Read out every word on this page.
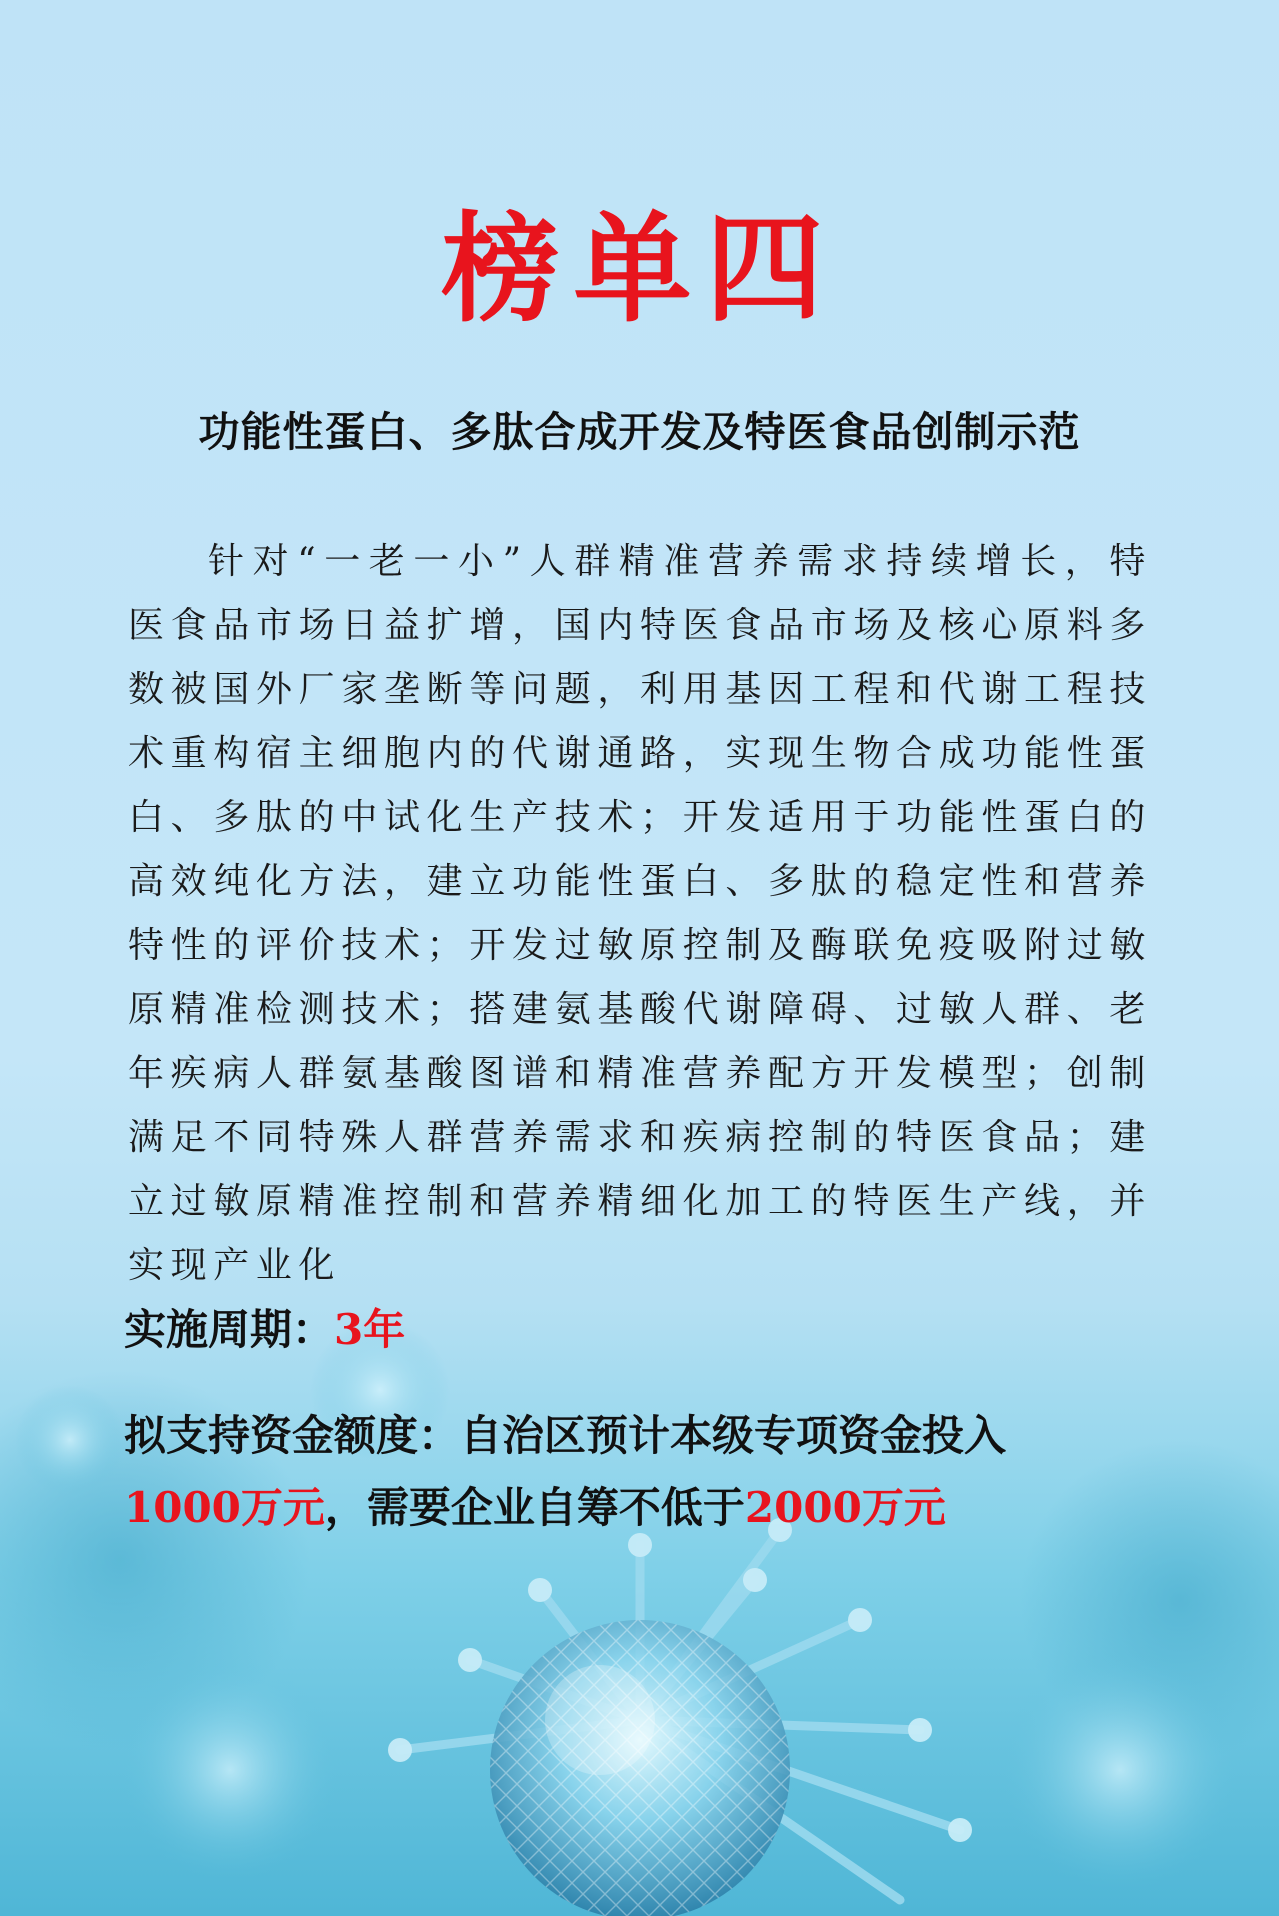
榜单四
功能性蛋白、多肽合成开发及特医食品创制示范
针对“一老一小”人群精准营养需求持续增长，特医食品市场日益扩增，国内特医食品市场及核心原料多数被国外厂家垄断等问题，利用基因工程和代谢工程技术重构宿主细胞内的代谢通路，实现生物合成功能性蛋白、多肽的中试化生产技术；开发适用于功能性蛋白的高效纯化方法，建立功能性蛋白、多肽的稳定性和营养特性的评价技术；开发过敏原控制及酶联免疫吸附过敏原精准检测技术；搭建氨基酸代谢障碍、过敏人群、老年疾病人群氨基酸图谱和精准营养配方开发模型；创制满足不同特殊人群营养需求和疾病控制的特医食品；建立过敏原精准控制和营养精细化加工的特医生产线，并实现产业化
实施周期：3年
拟支持资金额度：自治区预计本级专项资金投入
1000万元，需要企业自筹不低于2000万元
